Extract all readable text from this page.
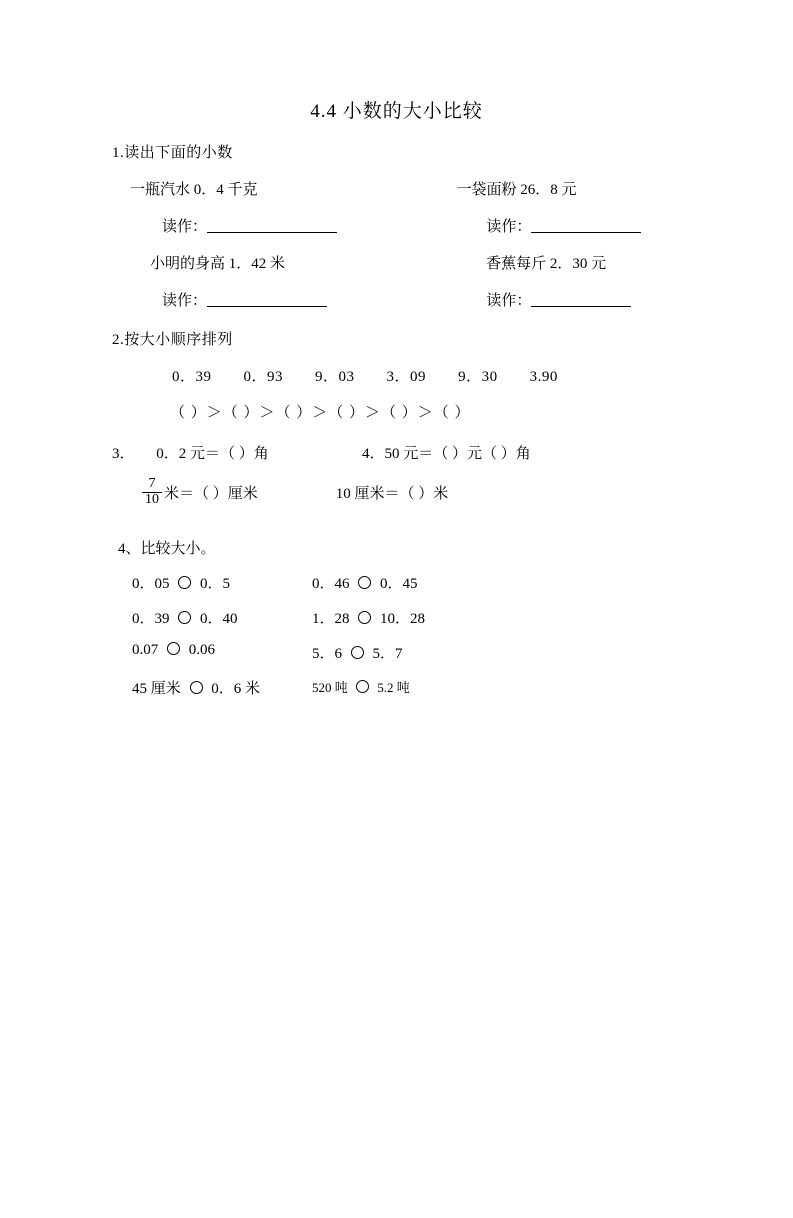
4.4 小数的大小比较
1.读出下面的小数
一瓶汽水 0．4 千克	一袋面粉 26．8 元
读作：	读作：
小明的身高 1．42 米	香蕉每斤 2．30 元
读作：	读作：
2.按大小顺序排列
0．39 0．93 9．03 3．09 9．30 3.90
（ ）＞（ ）＞（ ）＞（ ）＞（ ）＞（ ）
3． 0．2 元＝（ ）角	4．50 元＝（ ）元（ ）角
$\frac{7}{10}$ 米＝（ ）厘米	10 厘米＝（ ）米
4、比较大小。
0．05 0．5	0．46 0．45
0．39 0．40	1．28 10．28
0.07 0.06	5．6 5．7
45 厘米 0．6 米	520 吨 5.2 吨
